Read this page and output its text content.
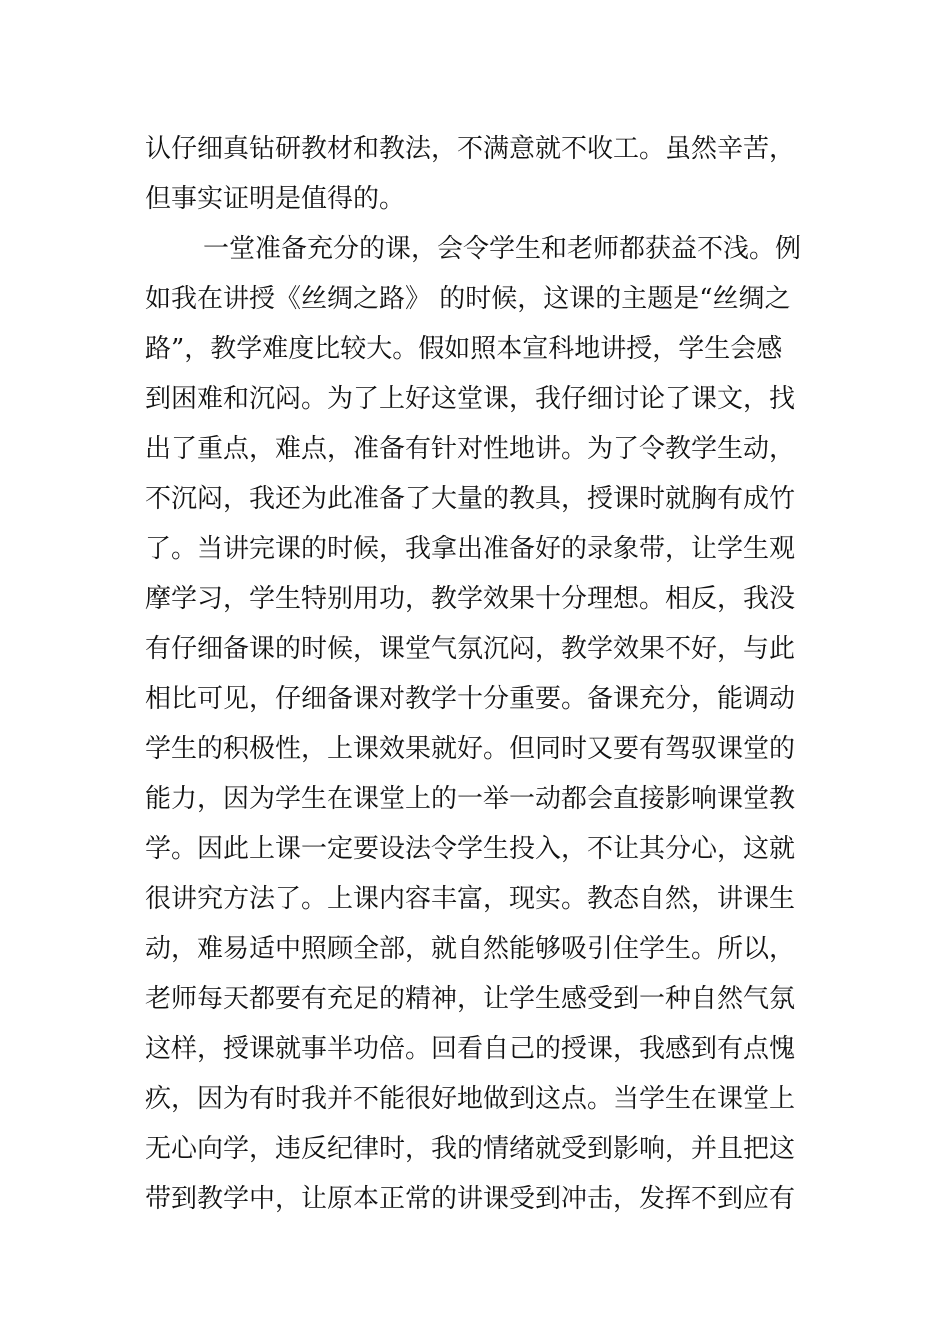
认仔细真钻研教材和教法，不满意就不收工。虽然辛苦，
但事实证明是值得的。
一堂准备充分的课，会令学生和老师都获益不浅。例
如我在讲授《丝绸之路》 的时候，这课的主题是“丝绸之
路”，教学难度比较大。假如照本宣科地讲授，学生会感
到困难和沉闷。为了上好这堂课，我仔细讨论了课文，找
出了重点，难点，准备有针对性地讲。为了令教学生动，
不沉闷，我还为此准备了大量的教具，授课时就胸有成竹
了。当讲完课的时候，我拿出准备好的录象带，让学生观
摩学习，学生特别用功，教学效果十分理想。相反，我没
有仔细备课的时候，课堂气氛沉闷，教学效果不好，与此
相比可见，仔细备课对教学十分重要。备课充分，能调动
学生的积极性，上课效果就好。但同时又要有驾驭课堂的
能力，因为学生在课堂上的一举一动都会直接影响课堂教
学。因此上课一定要设法令学生投入，不让其分心，这就
很讲究方法了。上课内容丰富，现实。教态自然，讲课生
动，难易适中照顾全部，就自然能够吸引住学生。所以，
老师每天都要有充足的精神，让学生感受到一种自然气氛
这样，授课就事半功倍。回看自己的授课，我感到有点愧
疚，因为有时我并不能很好地做到这点。当学生在课堂上
无心向学，违反纪律时，我的情绪就受到影响，并且把这
带到教学中，让原本正常的讲课受到冲击，发挥不到应有
